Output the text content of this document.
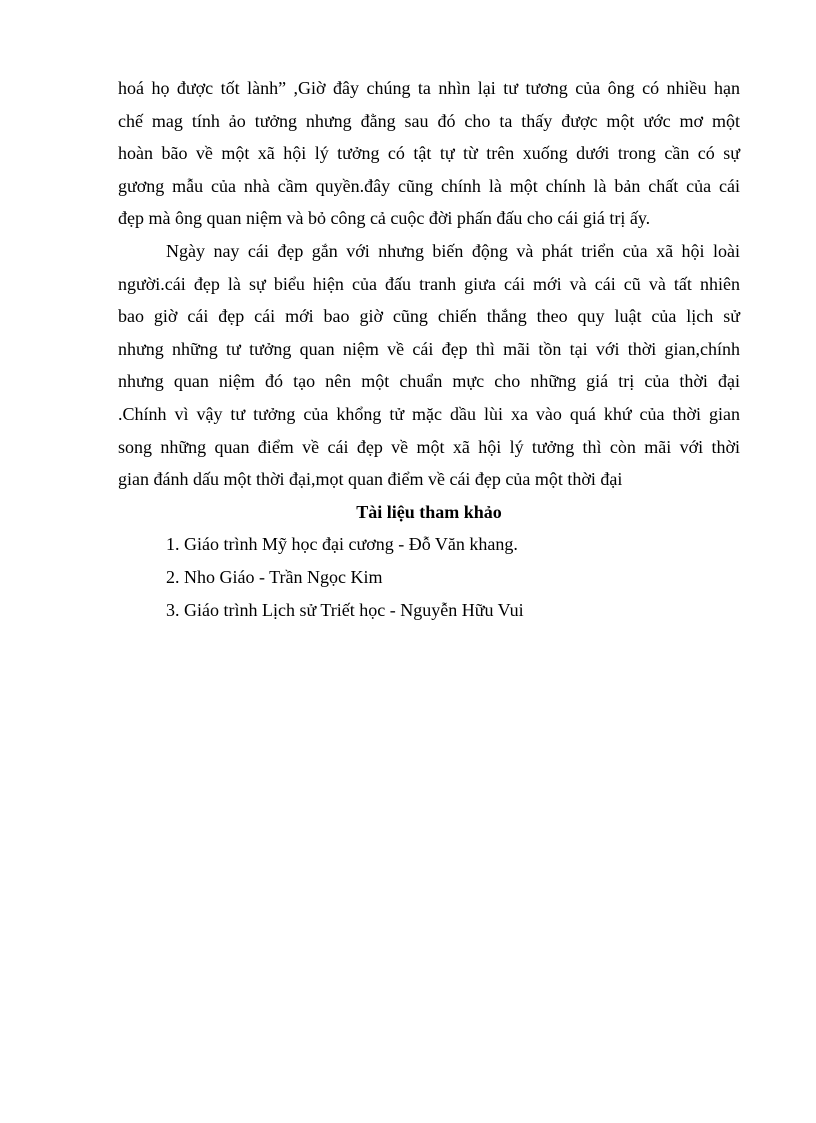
hoá họ được tốt lành” ,Giờ đây chúng ta nhìn lại tư tương của ông có nhiều hạn
chế mag tính ảo tưởng nhưng đằng sau đó cho ta thấy được một ước mơ một
hoàn bão về một xã hội lý tưởng có tật tự từ trên xuống dưới trong cần có sự
gương mẫu của nhà cầm quyền.đây cũng chính là một chính là bản chất của cái
đẹp mà ông quan niệm và bỏ công cả cuộc đời phấn đấu cho cái giá trị ấy.
Ngày nay cái đẹp gắn với nhưng biến động và phát triển của xã hội loài
người.cái đẹp là sự biểu hiện của đấu tranh giưa cái mới và cái cũ và tất nhiên
bao giờ cái đẹp cái mới bao giờ cũng chiến thắng theo quy luật của lịch sử
nhưng những tư tưởng quan niệm về cái đẹp thì mãi tồn tại với thời gian,chính
nhưng quan niệm đó tạo nên một chuẩn mực cho những giá trị của thời đại
.Chính vì vậy tư tưởng của khổng tử mặc dầu lùi xa vào quá khứ của thời gian
song những quan điểm về cái đẹp về một xã hội lý tưởng thì còn mãi với thời
gian đánh dấu một thời đại,mọt quan điểm về cái đẹp của một thời đại
Tài liệu tham khảo
1. Giáo trình Mỹ học đại cương - Đỗ Văn khang.
2. Nho Giáo - Trần Ngọc Kim
3. Giáo trình Lịch sử Triết học - Nguyễn Hữu Vui
